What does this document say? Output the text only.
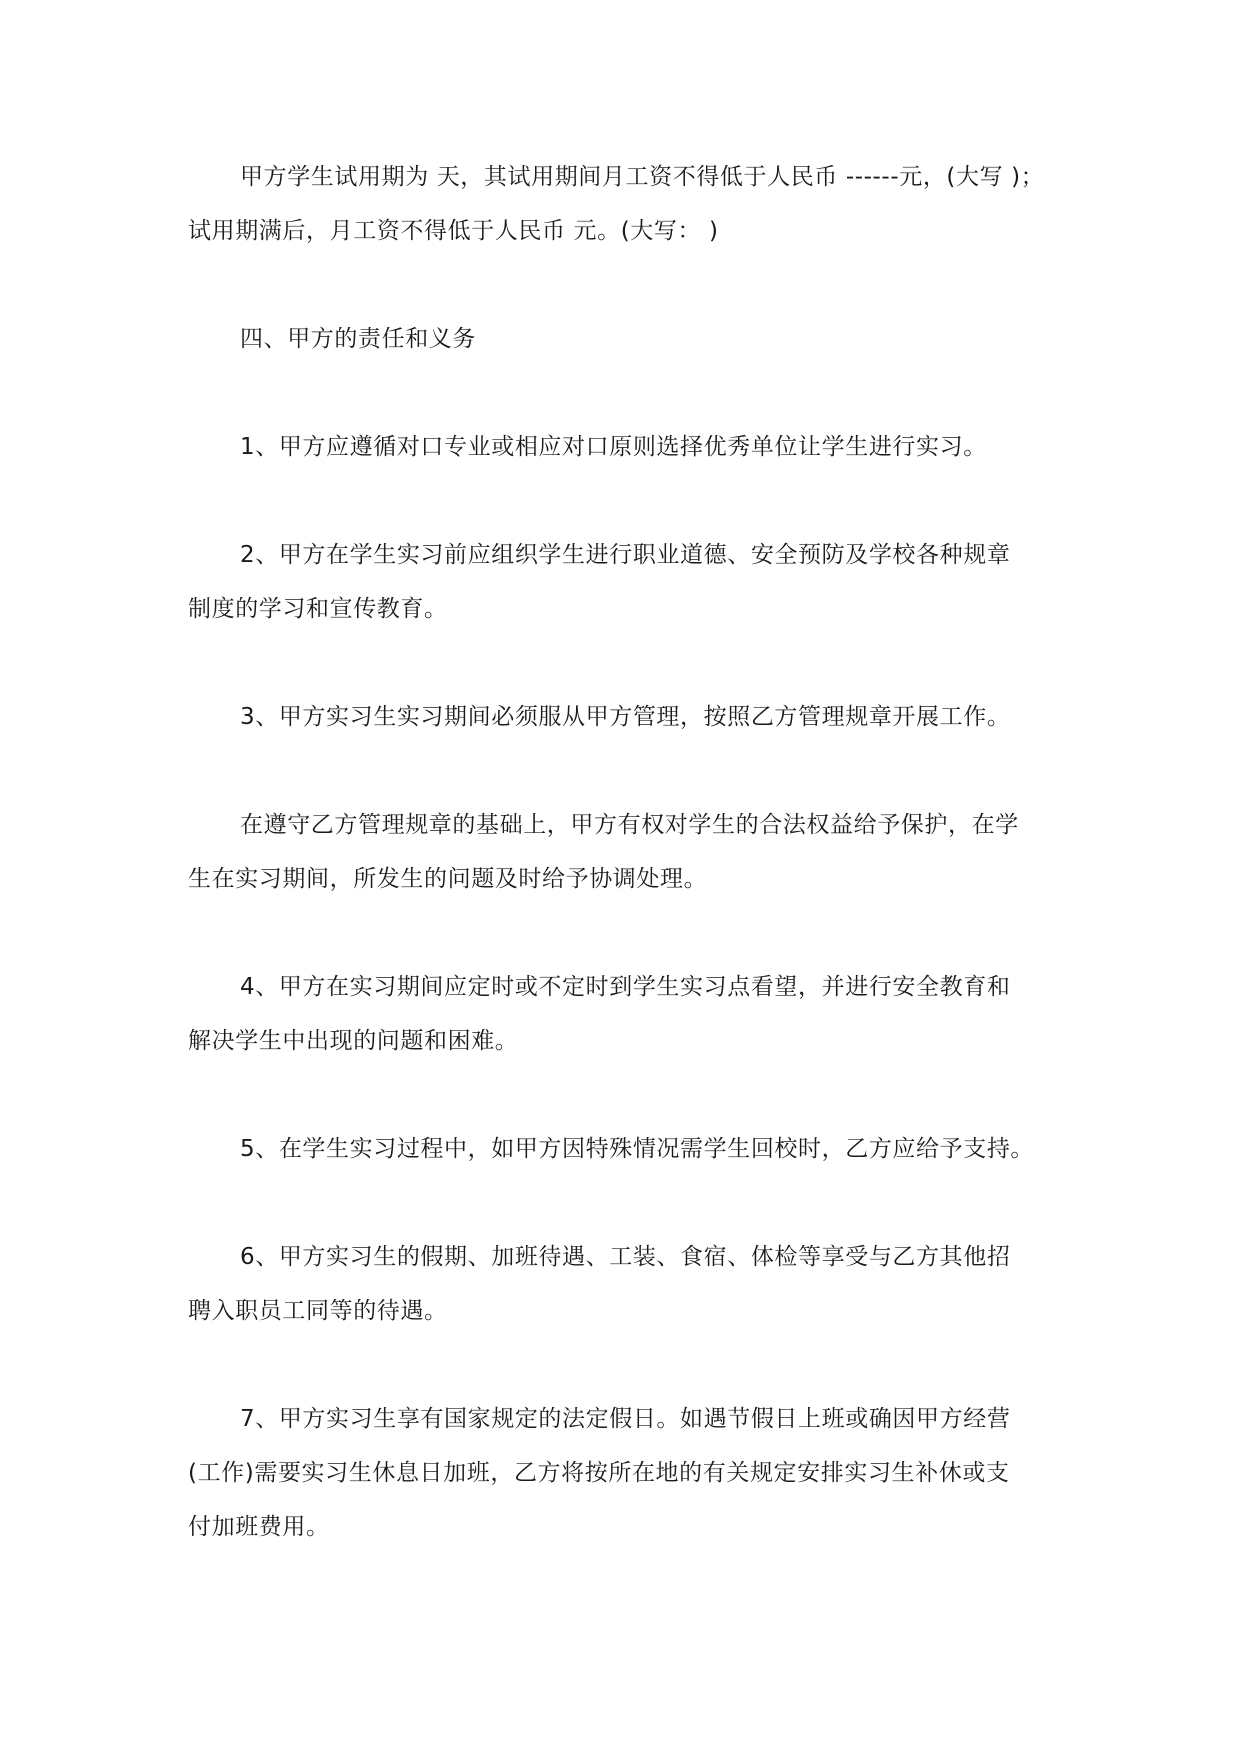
甲方学生试用期为 天，其试用期间月工资不得低于人民币 ------元，(大写 )；
试用期满后，月工资不得低于人民币 元。(大写： )

四、甲方的责任和义务

1、甲方应遵循对口专业或相应对口原则选择优秀单位让学生进行实习。

2、甲方在学生实习前应组织学生进行职业道德、安全预防及学校各种规章
制度的学习和宣传教育。

3、甲方实习生实习期间必须服从甲方管理，按照乙方管理规章开展工作。

在遵守乙方管理规章的基础上，甲方有权对学生的合法权益给予保护，在学
生在实习期间，所发生的问题及时给予协调处理。

4、甲方在实习期间应定时或不定时到学生实习点看望，并进行安全教育和
解决学生中出现的问题和困难。

5、在学生实习过程中，如甲方因特殊情况需学生回校时，乙方应给予支持。

6、甲方实习生的假期、加班待遇、工装、食宿、体检等享受与乙方其他招
聘入职员工同等的待遇。

7、甲方实习生享有国家规定的法定假日。如遇节假日上班或确因甲方经营
(工作)需要实习生休息日加班，乙方将按所在地的有关规定安排实习生补休或支
付加班费用。
